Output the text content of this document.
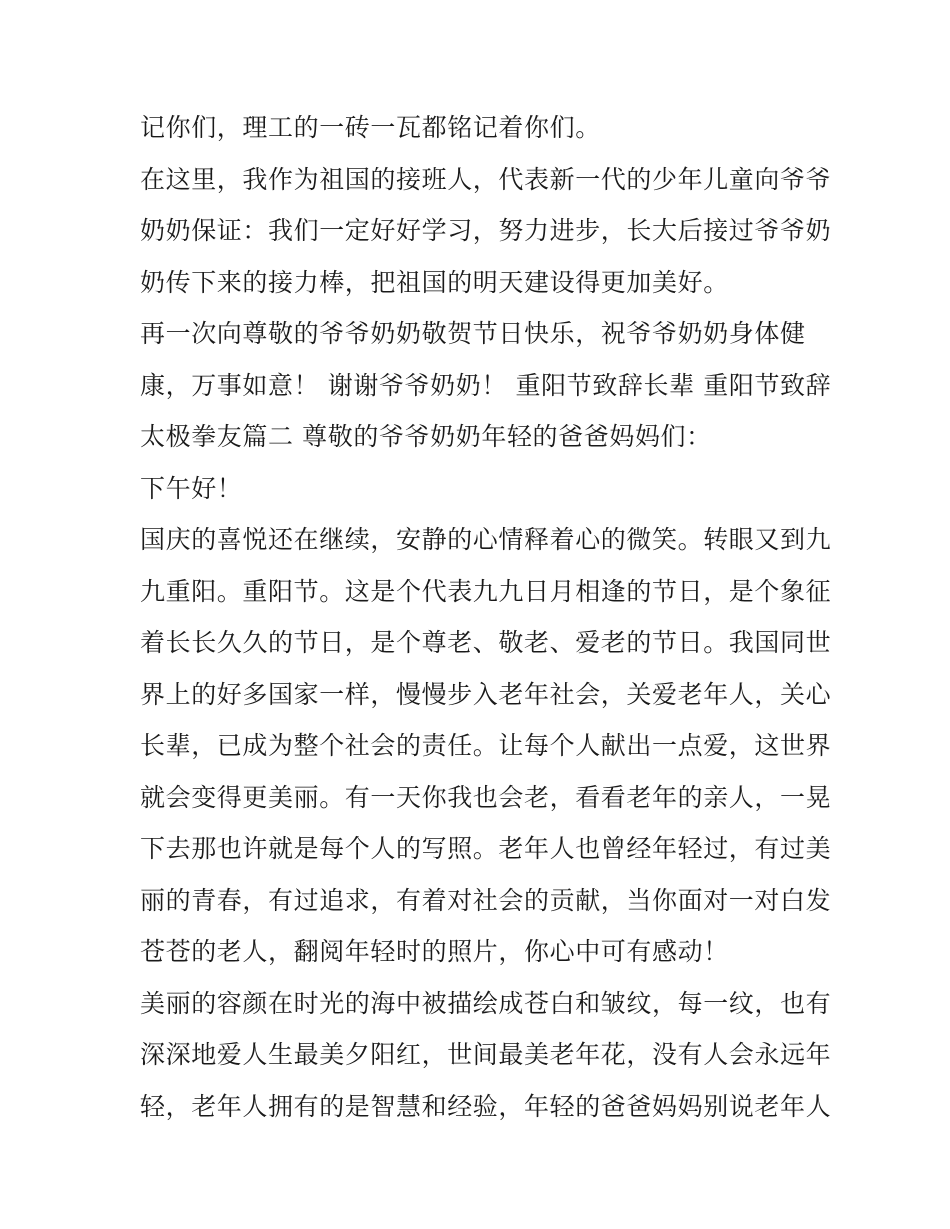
记你们，理工的一砖一瓦都铭记着你们。
在这里，我作为祖国的接班人，代表新一代的少年儿童向爷爷
奶奶保证：我们一定好好学习，努力进步，长大后接过爷爷奶
奶传下来的接力棒，把祖国的明天建设得更加美好。
再一次向尊敬的爷爷奶奶敬贺节日快乐，祝爷爷奶奶身体健
康，万事如意！ 谢谢爷爷奶奶！ 重阳节致辞长辈 重阳节致辞
太极拳友篇二 尊敬的爷爷奶奶年轻的爸爸妈妈们：
下午好！
国庆的喜悦还在继续，安静的心情释着心的微笑。转眼又到九
九重阳。重阳节。这是个代表九九日月相逢的节日，是个象征
着长长久久的节日，是个尊老、敬老、爱老的节日。我国同世
界上的好多国家一样，慢慢步入老年社会，关爱老年人，关心
长辈，已成为整个社会的责任。让每个人献出一点爱，这世界
就会变得更美丽。有一天你我也会老，看看老年的亲人，一晃
下去那也许就是每个人的写照。老年人也曾经年轻过，有过美
丽的青春，有过追求，有着对社会的贡献，当你面对一对白发
苍苍的老人，翻阅年轻时的照片，你心中可有感动！
美丽的容颜在时光的海中被描绘成苍白和皱纹，每一纹，也有
深深地爱人生最美夕阳红，世间最美老年花，没有人会永远年
轻，老年人拥有的是智慧和经验，年轻的爸爸妈妈别说老年人
